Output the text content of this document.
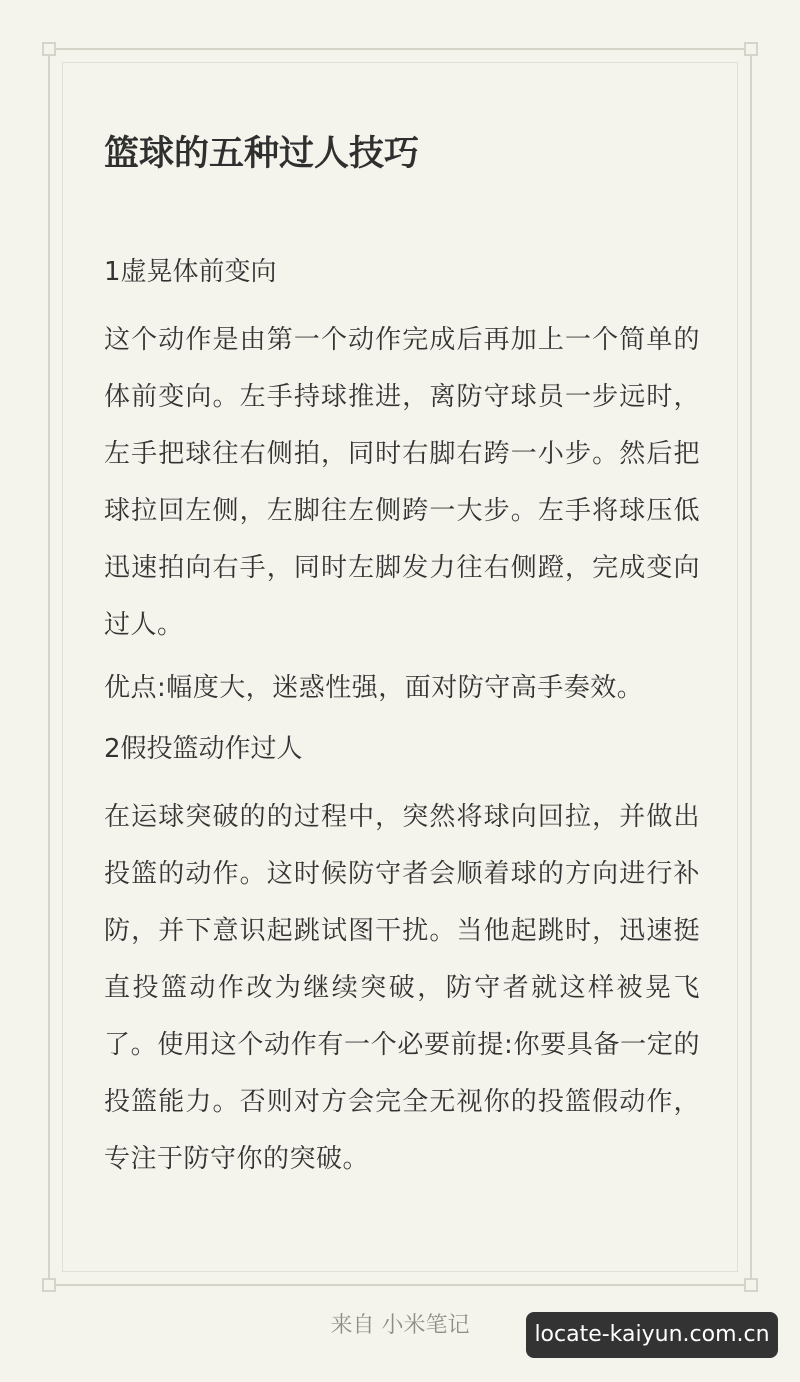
篮球的五种过人技巧

1虚晃体前变向

这个动作是由第一个动作完成后再加上一个简单的体前变向。左手持球推进，离防守球员一步远时，左手把球往右侧拍，同时右脚右跨一小步。然后把球拉回左侧，左脚往左侧跨一大步。左手将球压低迅速拍向右手，同时左脚发力往右侧蹬，完成变向过人。

优点:幅度大，迷惑性强，面对防守高手奏效。

2假投篮动作过人

在运球突破的的过程中，突然将球向回拉，并做出投篮的动作。这时候防守者会顺着球的方向进行补防，并下意识起跳试图干扰。当他起跳时，迅速挺直投篮动作改为继续突破，防守者就这样被晃飞了。使用这个动作有一个必要前提:你要具备一定的投篮能力。否则对方会完全无视你的投篮假动作，专注于防守你的突破。

来自 小米笔记	locate-kaiyun.com.cn
